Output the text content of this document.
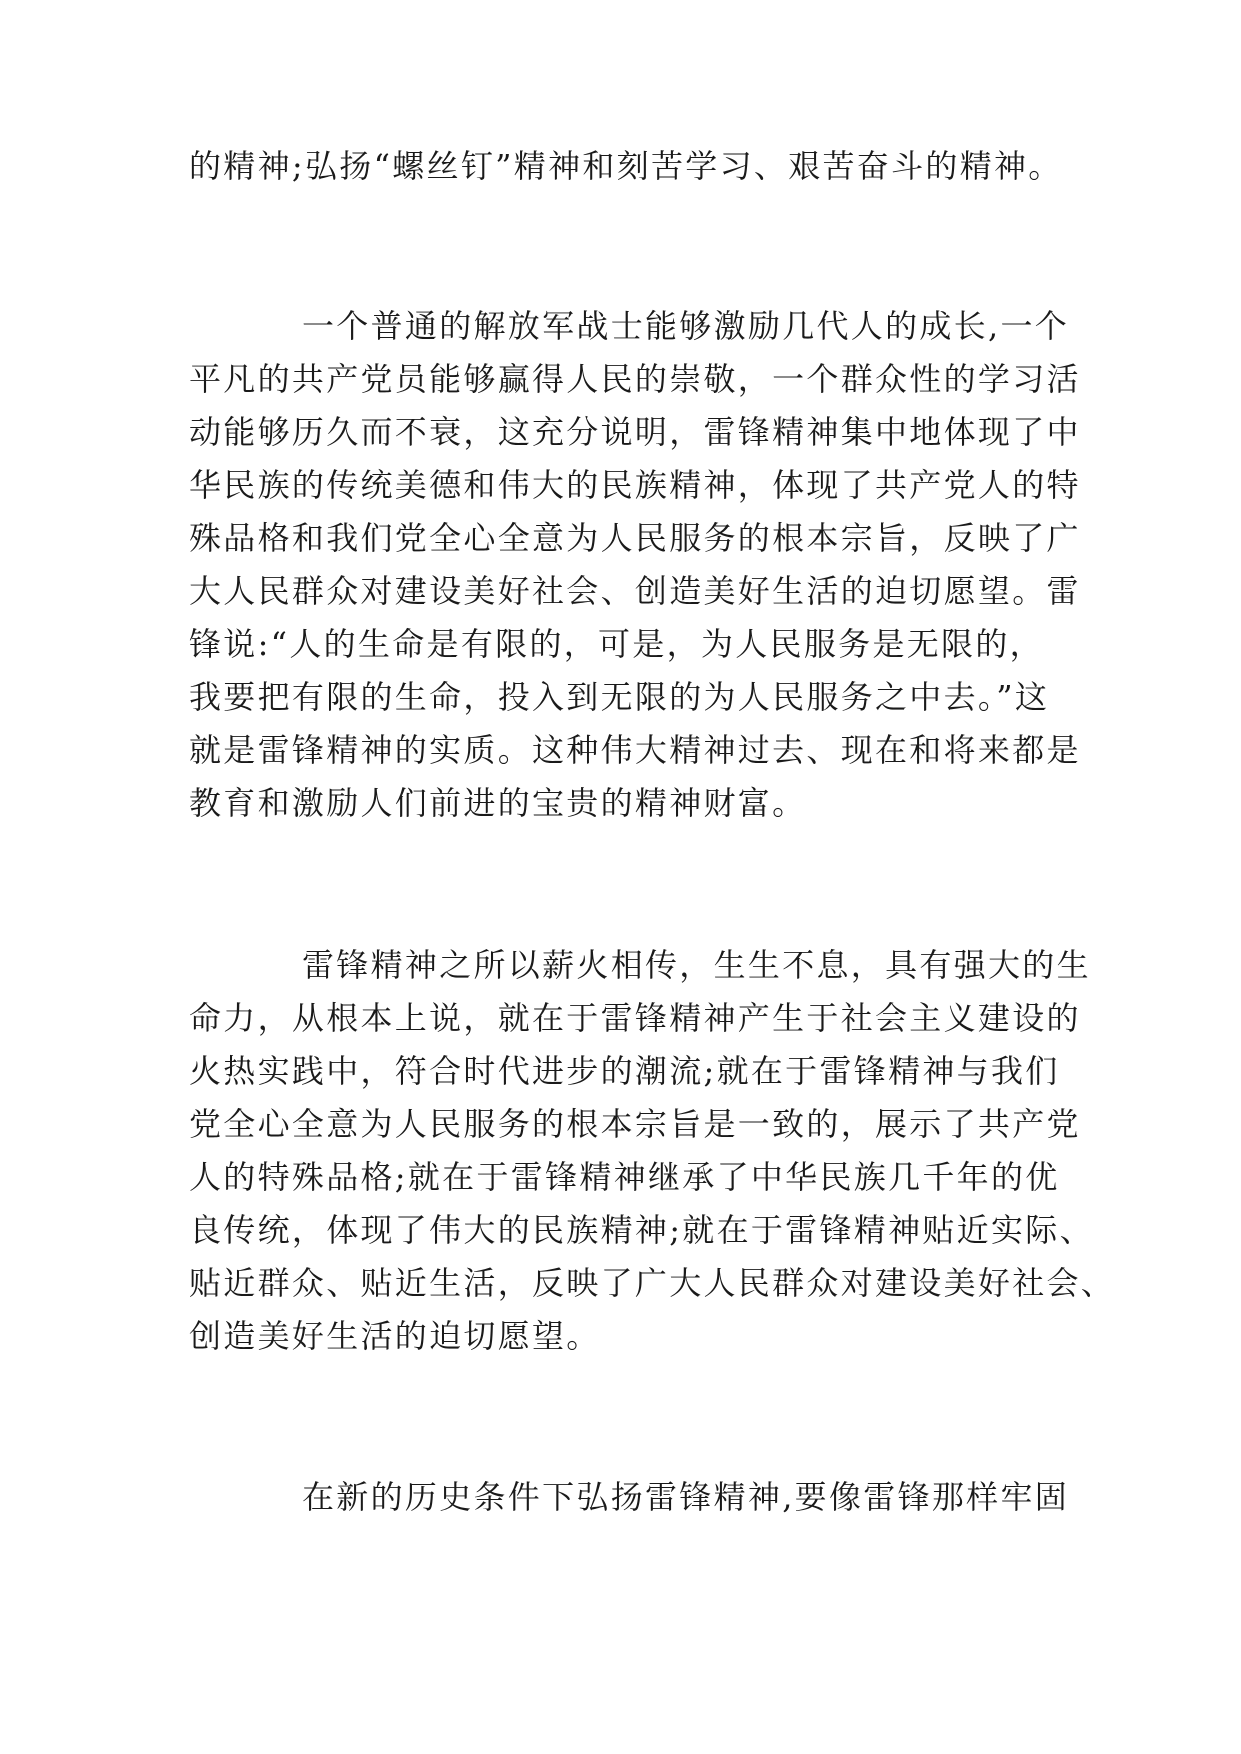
的精神;弘扬“螺丝钉”精神和刻苦学习、艰苦奋斗的精神。
一个普通的解放军战士能够激励几代人的成长,一个
平凡的共产党员能够赢得人民的崇敬，一个群众性的学习活
动能够历久而不衰，这充分说明，雷锋精神集中地体现了中
华民族的传统美德和伟大的民族精神，体现了共产党人的特
殊品格和我们党全心全意为人民服务的根本宗旨，反映了广
大人民群众对建设美好社会、创造美好生活的迫切愿望。雷
锋说:“人的生命是有限的，可是，为人民服务是无限的，
我要把有限的生命，投入到无限的为人民服务之中去。”这
就是雷锋精神的实质。这种伟大精神过去、现在和将来都是
教育和激励人们前进的宝贵的精神财富。
雷锋精神之所以薪火相传，生生不息，具有强大的生
命力，从根本上说，就在于雷锋精神产生于社会主义建设的
火热实践中，符合时代进步的潮流;就在于雷锋精神与我们
党全心全意为人民服务的根本宗旨是一致的，展示了共产党
人的特殊品格;就在于雷锋精神继承了中华民族几千年的优
良传统，体现了伟大的民族精神;就在于雷锋精神贴近实际、
贴近群众、贴近生活，反映了广大人民群众对建设美好社会、
创造美好生活的迫切愿望。
在新的历史条件下弘扬雷锋精神,要像雷锋那样牢固
